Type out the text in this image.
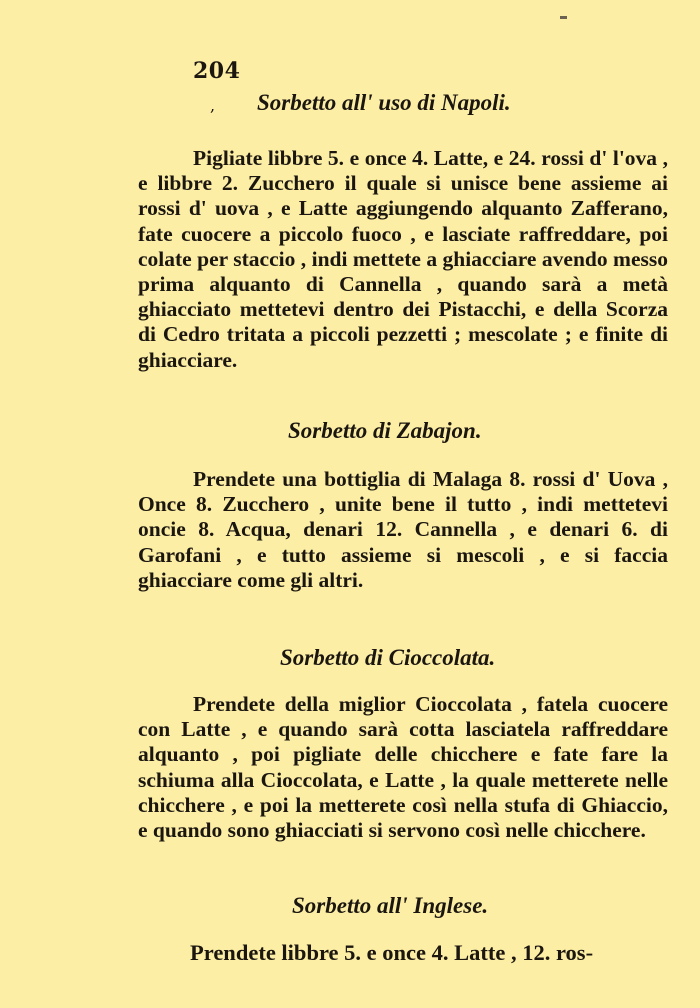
204
, Sorbetto all' uso di Napoli.
Pigliate libbre 5. e once 4. Latte, e 24. rossi d' l'ova , e libbre 2. Zucchero il quale si unisce bene assieme ai rossi d' uova , e Latte aggiungendo alquanto Zafferano, fate cuocere a piccolo fuoco , e lasciate raffreddare, poi colate per staccio , indi mettete a ghiacciare avendo messo prima alquanto di Cannella , quando sarà a metà ghiacciato mettetevi dentro dei Pistacchi, e della Scorza di Cedro tritata a piccoli pezzetti ; mescolate ; e finite di ghiacciare.
Sorbetto di Zabajon.
Prendete una bottiglia di Malaga 8. rossi d' Uova , Once 8. Zucchero , unite bene il tutto , indi mettetevi oncie 8. Acqua, denari 12. Cannella , e denari 6. di Garofani , e tutto assieme si mescoli , e si faccia ghiacciare come gli altri.
Sorbetto di Cioccolata.
Prendete della miglior Cioccolata , fatela cuocere con Latte , e quando sarà cotta lasciatela raffreddare alquanto , poi pigliate delle chicchere e fate fare la schiuma alla Cioccolata, e Latte , la quale metterete nelle chicchere , e poi la metterete così nella stufa di Ghiaccio, e quando sono ghiacciati si servono così nelle chicchere.
Sorbetto all' Inglese.
Prendete libbre 5. e once 4. Latte , 12. ros-
